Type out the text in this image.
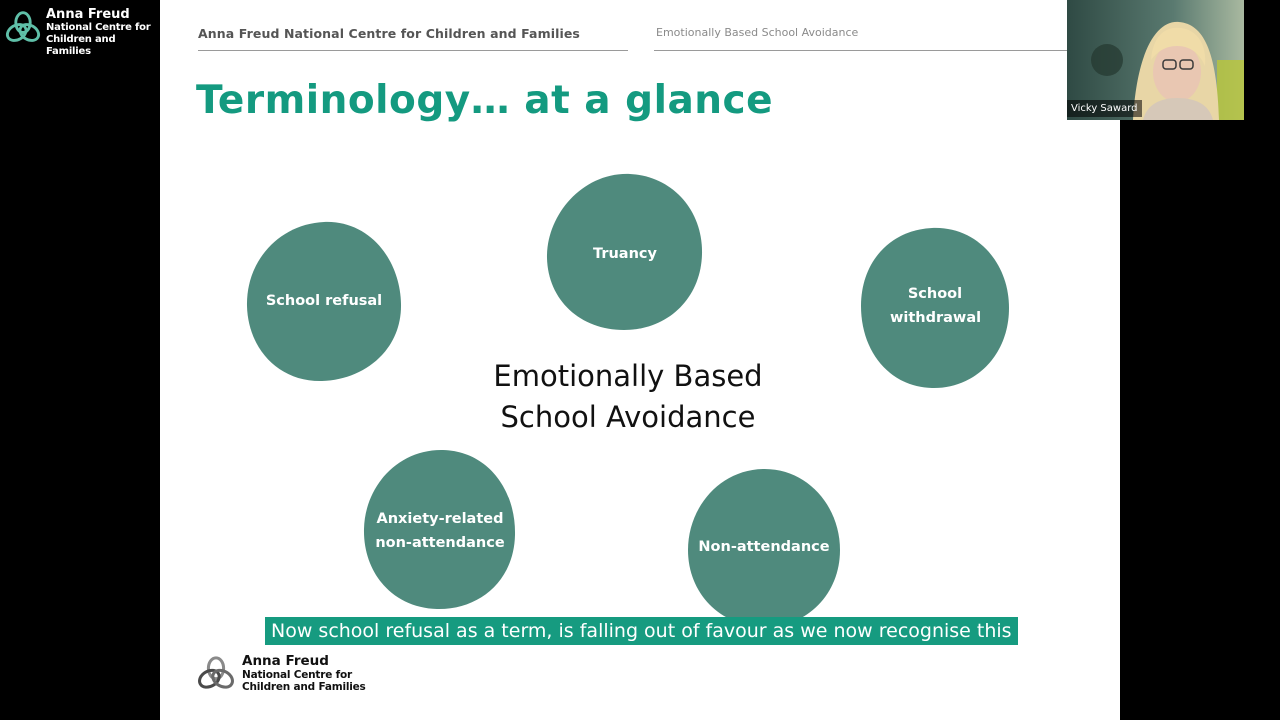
Anna Freud
National Centre for
Children and Families
Anna Freud National Centre for Children and Families	Emotionally Based School Avoidance
Terminology… at a glance
School refusal
Truancy
School withdrawal
Anxiety-related non-attendance	Non-attendance
Emotionally Based
School Avoidance
Now school refusal as a term, is falling out of favour as we now recognise this
Anna Freud
National Centre for
Children and Families
Vicky Saward
